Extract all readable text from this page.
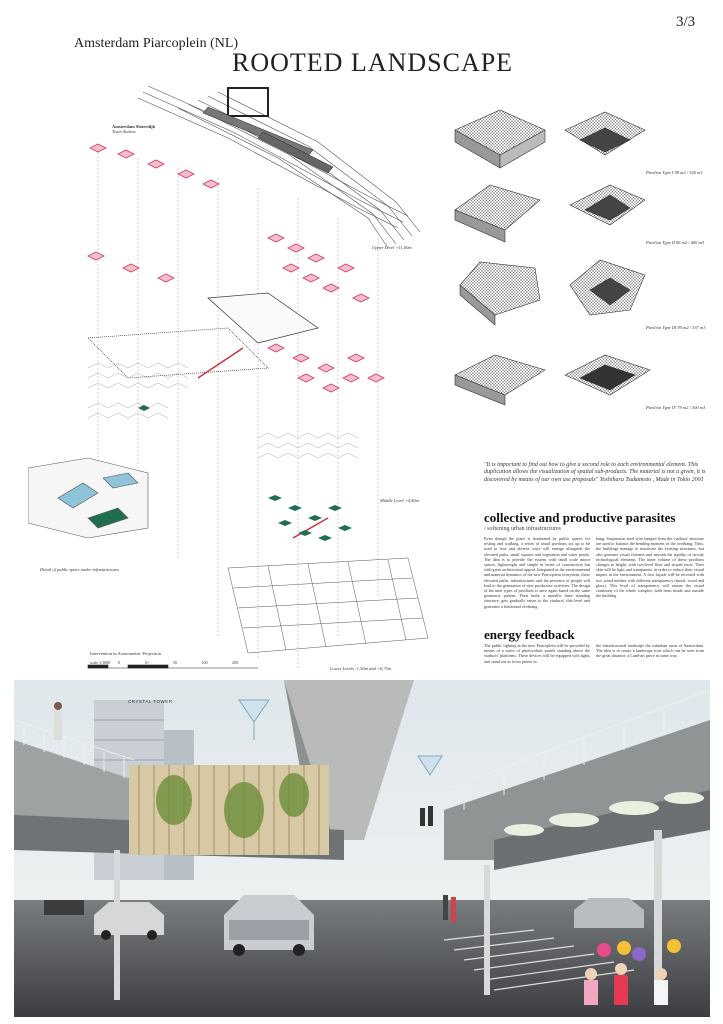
3/3
Amsterdam Piarcoplein (NL)
ROOTED LANDSCAPE
Amsterdam Sloterdijk
Train Station
Upper Level +11,00m
Middle Level +4,40m
Lower Levels -1,50m and +0,75m
Detail of public space under infrastructures
Intervention in Axonometric Projection
scale 1/1000 0	10	50	100	200
Pavilion Type I 98 m2 / 326 m3
Pavilion Type II 96 m2 / 400 m3
Pavilion Type III 95 m2 / 337 m3
Pavilion Type IV 79 m2 / 300 m3
"It is important to find out how to give a second role to each environmental element. This duplication allows the visualization of spatial sub-products. The material is not a given, it is discovered by means of our own use proposals" Yoshiharu Tsukamoto , Made in Tokio 2001
collective and productive parasites
/ softening urban infrastructures
Even though the place is dominated by public spaces for resting and walking, a series of small pavilions act up to be used in lose and diverse ways will emerge alongside the elevated paths, small squares and vegetation and water ponds. The idea is to provide the system with small scale minor spaces, lightweight and simple in terms of construction but with great architectural appeal. Integrated in the environmental and material dynamics of the new Piarcoplein ecosystem, these elevated paths, infrastructures and the presence of people will lead to the generation of new productive activities. The design of the nine types of pavilions is once again based on the same geometric pattern. Their body, a metallic three standing structure, gets gradually raises to the viaducts' slab level and generates a horizontal overhang.
hang. Suspension steel wire hanged from the viaducts' structure are used to balance the bending moment of the overhang. Thus, the buildings manage to reactivate the existing structures, but also generate visual fineness and smooth the rigidity of strictly technological elements. The inner volume of these pavilions changes in height, with two-level floor and sloped roofs. Their skin will be light and transparent, in order to reduce their visual impact in the environment. A first façade will be recessed with two wired meshes with different transparency (metal, wood and glass). This level of transparency will ensure the visual continuity of the whole complex, both from inside and outside the building.
energy feedback
The public lighting at the new Piarcoplein will be provided by means of a series of photovoltaic panels standing above the viaducts' platforms. These devices will be equipped with lights and stand out as focus points in
the infrastructural landscape the suburban areas of Amsterdam. The idea is to create a landscape icon which can be seen from the great distance, a Land-art piece in some way.
CRYSTAL TOWER
